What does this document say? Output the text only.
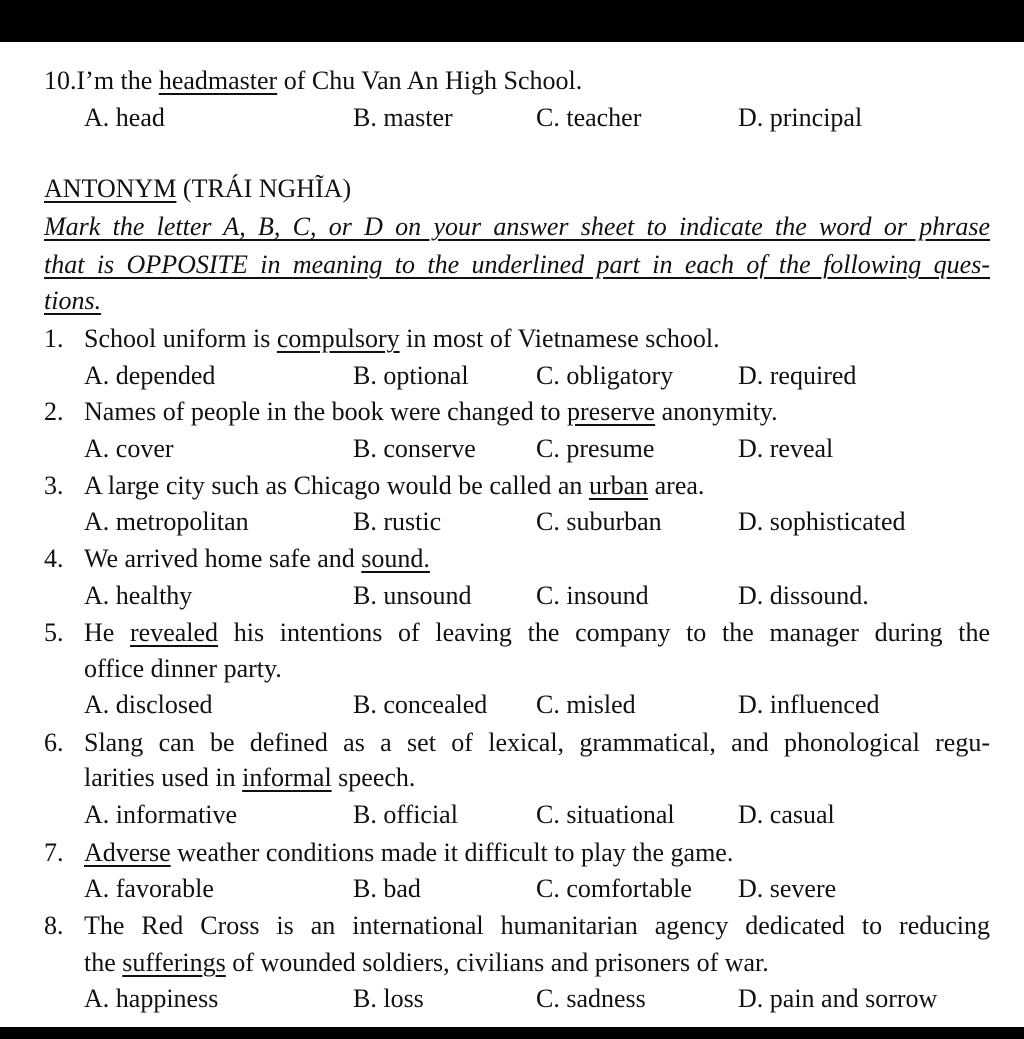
10.I’m the headmaster of Chu Van An High School.
A. head	B. master	C. teacher	D. principal
ANTONYM (TRÁI NGHĨA)
Mark the letter A, B, C, or D on your answer sheet to indicate the word or phrase
that is OPPOSITE in meaning to the underlined part in each of the following ques-
tions.
1. School uniform is compulsory in most of Vietnamese school.
A. depended	B. optional	C. obligatory D. required
2. Names of people in the book were changed to preserve anonymity.
A. cover	B. conserve C. presume	D. reveal
3. A large city such as Chicago would be called an urban area.
A. metropolitan	B. rustic	C. suburban	D. sophisticated
4. We arrived home safe and sound.
A. healthy	B. unsound C. insound	D. dissound.
5. He revealed his intentions of leaving the company to the manager during the
office dinner party.
A. disclosed	B. concealed C. misled	D. influenced
6. Slang can be defined as a set of lexical, grammatical, and phonological regu-
larities used in informal speech.
A. informative	B. official	C. situational D. casual
7. Adverse weather conditions made it difficult to play the game.
A. favorable	B. bad	C. comfortable D. severe
8. The Red Cross is an international humanitarian agency dedicated to reducing
the sufferings of wounded soldiers, civilians and prisoners of war.
A. happiness	B. loss	C. sadness	D. pain and sorrow
